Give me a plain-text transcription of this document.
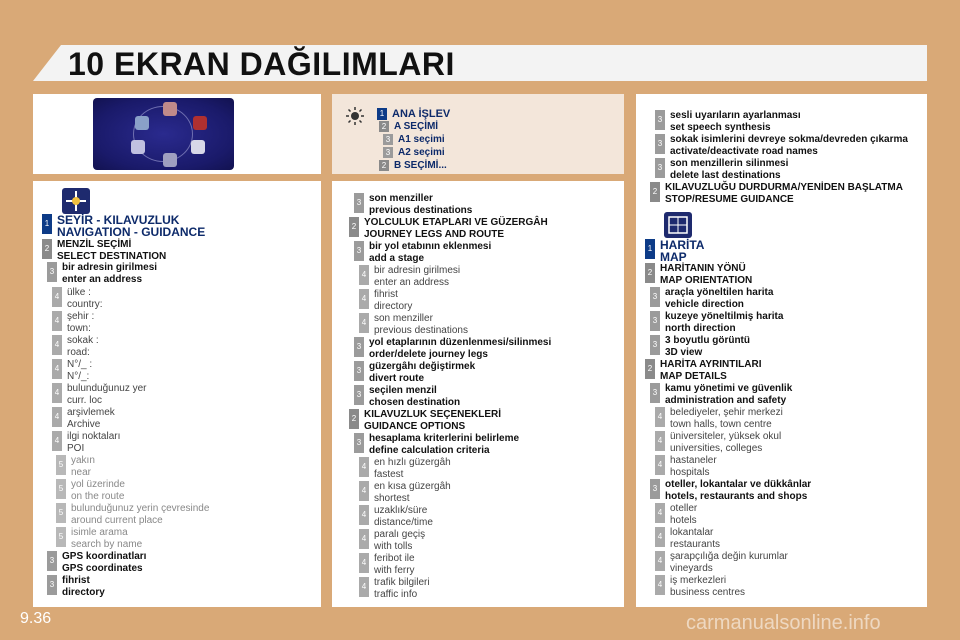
10 EKRAN DAĞILIMLARI
1 ANA İŞLEV
2 A SEÇİMİ
3 A1 seçimi
3 A2 seçimi
2 B SEÇİMİ...
1 SEYİR - KILAVUZLUK
NAVIGATION - GUIDANCE
2 MENZİL SEÇİMİ
SELECT DESTINATION
3 bir adresin girilmesi
enter an address
4 ülke :
country:
4 şehir :
town:
4 sokak :
road:
4 N°/_ :
N°/_:
4 bulunduğunuz yer
curr. loc
4 arşivlemek
Archive
4 ilgi noktaları
POI
5 yakın
near
5 yol üzerinde
on the route
5 bulunduğunuz yerin çevresinde
around current place
5 isimle arama
search by name
3 GPS koordinatları
GPS coordinates
3 fihrist
directory
3 son menziller
previous destinations
2 YOLCULUK ETAPLARI VE GÜZERGÂH
JOURNEY LEGS AND ROUTE
3 bir yol etabının eklenmesi
add a stage
4 bir adresin girilmesi
enter an address
4 fihrist
directory
4 son menziller
previous destinations
3 yol etaplarının düzenlenmesi/silinmesi
order/delete journey legs
3 güzergâhı değiştirmek
divert route
3 seçilen menzil
chosen destination
2 KILAVUZLUK SEÇENEKLERİ
GUIDANCE OPTIONS
3 hesaplama kriterlerini belirleme
define calculation criteria
4 en hızlı güzergâh
fastest
4 en kısa güzergâh
shortest
4 uzaklık/süre
distance/time
4 paralı geçiş
with tolls
4 feribot ile
with ferry
4 trafik bilgileri
traffic info
3 sesli uyarıların ayarlanması
set speech synthesis
3 sokak isimlerini devreye sokma/devreden çıkarma
activate/deactivate road names
3 son menzillerin silinmesi
delete last destinations
2 KILAVUZLUĞU DURDURMA/YENİDEN BAŞLATMA
STOP/RESUME GUIDANCE
1 HARİTA
MAP
2 HARİTANIN YÖNÜ
MAP ORIENTATION
3 araçla yöneltilen harita
vehicle direction
3 kuzeye yöneltilmiş harita
north direction
3 3 boyutlu görüntü
3D view
2 HARİTA AYRINTILARI
MAP DETAILS
3 kamu yönetimi ve güvenlik
administration and safety
4 belediyeler, şehir merkezi
town halls, town centre
4 üniversiteler, yüksek okul
universities, colleges
4 hastaneler
hospitals
3 oteller, lokantalar ve dükkânlar
hotels, restaurants and shops
4 oteller
hotels
4 lokantalar
restaurants
4 şarapçılığa değin kurumlar
vineyards
4 iş merkezleri
business centres
9.36	carmanualsonline.info
